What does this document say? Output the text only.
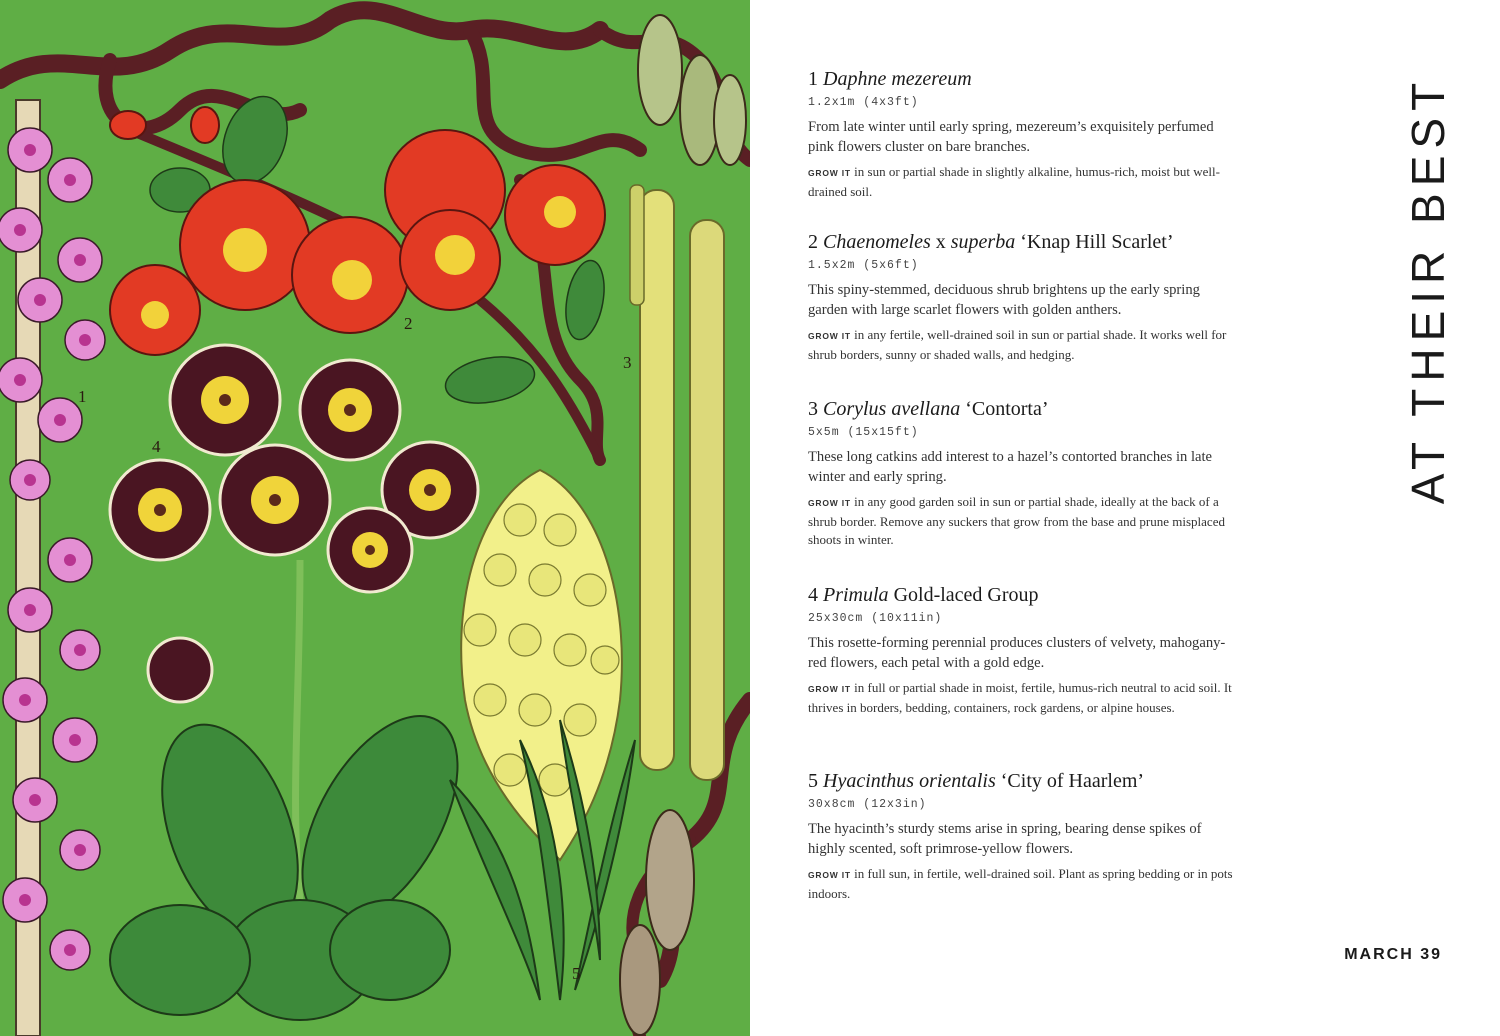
1
2
3
4
5
1 Daphne mezereum
1.2x1m (4x3ft)
From late winter until early spring, mezereum’s exquisitely perfumed pink flowers cluster on bare branches.
GROW IT in sun or partial shade in slightly alkaline, humus-rich, moist but well-drained soil.
2 Chaenomeles x superba ‘Knap Hill Scarlet’
1.5x2m (5x6ft)
This spiny-stemmed, deciduous shrub brightens up the early spring garden with large scarlet flowers with golden anthers.
GROW IT in any fertile, well-drained soil in sun or partial shade. It works well for shrub borders, sunny or shaded walls, and hedging.
3 Corylus avellana ‘Contorta’
5x5m (15x15ft)
These long catkins add interest to a hazel’s contorted branches in late winter and early spring.
GROW IT in any good garden soil in sun or partial shade, ideally at the back of a shrub border. Remove any suckers that grow from the base and prune misplaced shoots in winter.
4 Primula Gold-laced Group
25x30cm (10x11in)
This rosette-forming perennial produces clusters of velvety, mahogany-red flowers, each petal with a gold edge.
GROW IT in full or partial shade in moist, fertile, humus-rich neutral to acid soil. It thrives in borders, bedding, containers, rock gardens, or alpine houses.
5 Hyacinthus orientalis ‘City of Haarlem’
30x8cm (12x3in)
The hyacinth’s sturdy stems arise in spring, bearing dense spikes of highly scented, soft primrose-yellow flowers.
GROW IT in full sun, in fertile, well-drained soil. Plant as spring bedding or in pots indoors.
AT THEIR BEST
MARCH 39
